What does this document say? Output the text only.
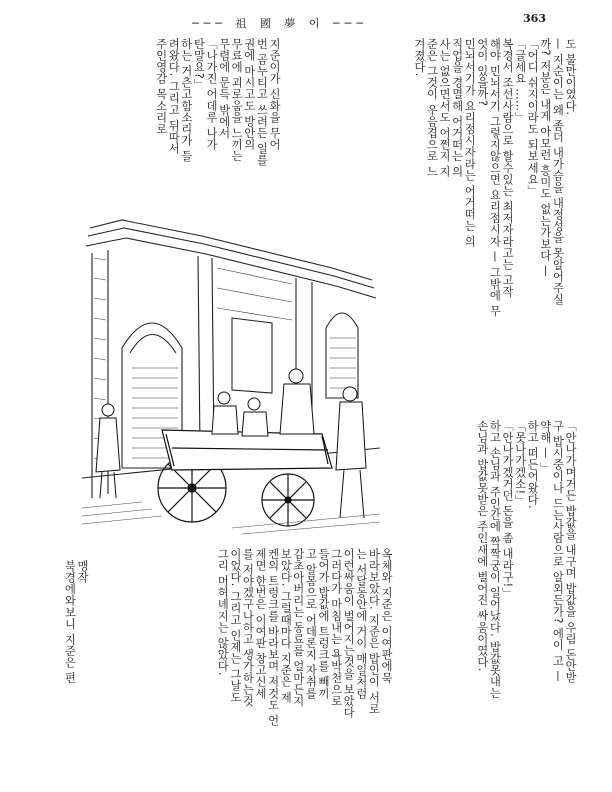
─── 祖 國 夢 이 ───	363
도 불만이였다.
— 지순이는 왜 좀더 내가슴을 내정성을 못알어주실
까? 저분은 내게 아모런 흥미도 없는가보다 —
「어디 쉬지이라도 되보세요」
「글세요 ……」
복경서 조선사람으로 할수있는 최저자라고는 고작
해야 민뇌서기 그렇지않으면 요리점시자 — 그밖에 무
엇이 있을까?
민뇌서기가 요리점시자라는 어거떠는 의
직업을 경멸해 어거떠는 의
사는 없으면서도 어쩐지 지
준은 그것이 우음겹으로 느
겨졌다.
지준이가 신화을 무어
번 곰누티고 쓰려든 일를
권에 마시고도 방안의
무료에 괴로움을 느끼는
무렴에 문득 밖에서
「나가진 어데루 나가
탄말요?」
하는 거츤고함소리가 들
려왔다. 그리고 뒤따서
주인영감 목소리로
「안나가며거든 밥값을 내구며 밥값을 우림 돈안받
구 밥시중이나 드는사람으로 알외든가? 에이 고 —
약해 — 」
하고 떠든어왔다.
「못나가겠소!」
「안나가겠거던 돈을 좀 내라구!」
하고 손님과 주인간에 짝짝궁이 일어났다. 밥값못내는
손님과 밥값못받은 주인새에 벌어진 싸움이였다.
옥체와 지준은 이여판에묵
바라보았다. 지준은 밥인이 서로
는 서달동안에 거이 매일처럼
이런싸움이 벌어지는것을 보았다
그러다가 마침내는 욕박천으로
들어가 밥값에 트렁크를 빼끼
고 알몸으로 어데론지 자취를
감초아버리는 동료를 얼마든지
보았다. 그럴때마다 지준은 제
켄의 트렁크를 바라보며 저것도 언
제면 한번은 이여판 창고신세
를 저야겠구나하고 생가하는것
이었다. 그리고 인제는 그날도
그리 머허녜지는 않았다.
맹작
북경에와보니 지준은 편
